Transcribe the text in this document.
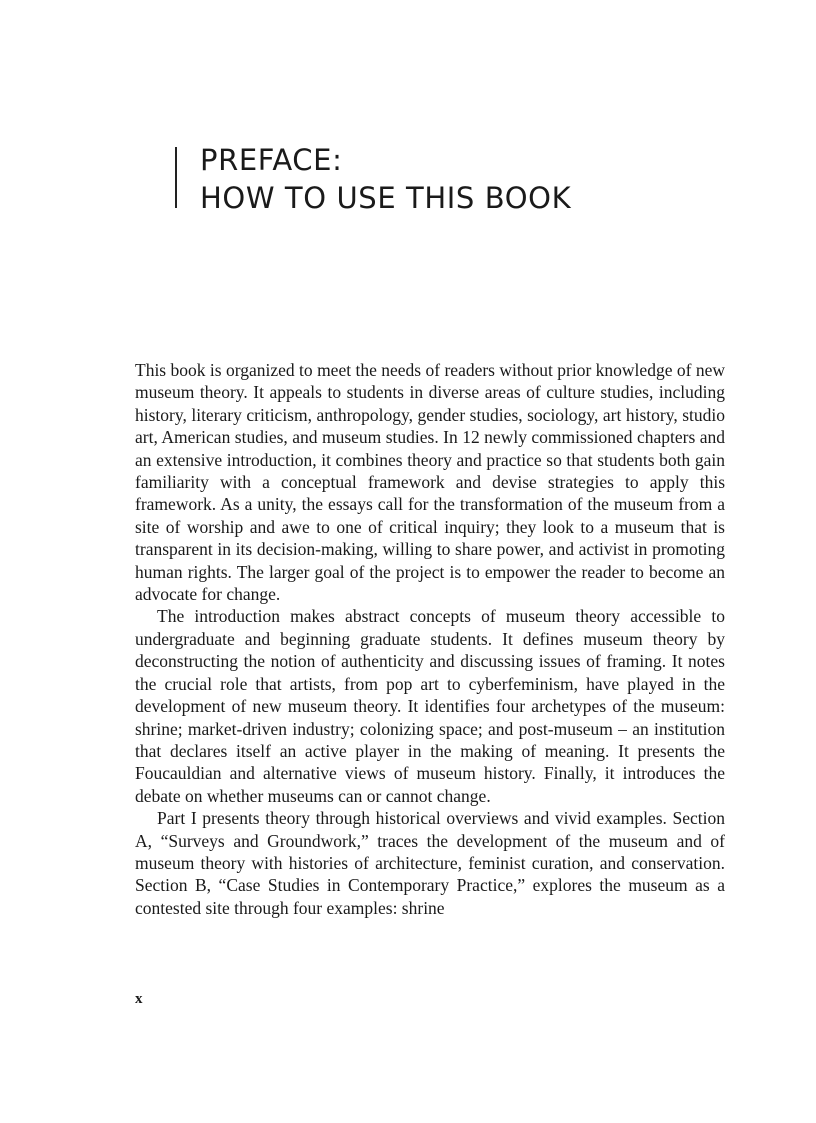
PREFACE:
HOW TO USE THIS BOOK

This book is organized to meet the needs of readers without prior knowledge of new museum theory. It appeals to students in diverse areas of culture studies, including history, literary criticism, anthropology, gender studies, sociology, art history, studio art, American studies, and museum studies. In 12 newly commissioned chapters and an extensive introduction, it combines theory and practice so that students both gain familiarity with a conceptual framework and devise strategies to apply this framework. As a unity, the essays call for the transformation of the museum from a site of worship and awe to one of critical inquiry; they look to a museum that is transparent in its decision-making, willing to share power, and activist in promoting human rights. The larger goal of the project is to empower the reader to become an advocate for change.

The introduction makes abstract concepts of museum theory accessible to undergraduate and beginning graduate students. It defines museum theory by deconstructing the notion of authenticity and discussing issues of framing. It notes the crucial role that artists, from pop art to cyberfeminism, have played in the development of new museum theory. It identifies four archetypes of the museum: shrine; market-driven industry; colonizing space; and post-museum – an institution that declares itself an active player in the making of meaning. It presents the Foucauldian and alternative views of museum history. Finally, it introduces the debate on whether museums can or cannot change.

Part I presents theory through historical overviews and vivid examples. Section A, “Surveys and Groundwork,” traces the development of the museum and of museum theory with histories of architecture, feminist curation, and conservation. Section B, “Case Studies in Contemporary Practice,” explores the museum as a contested site through four examples: shrine

x
